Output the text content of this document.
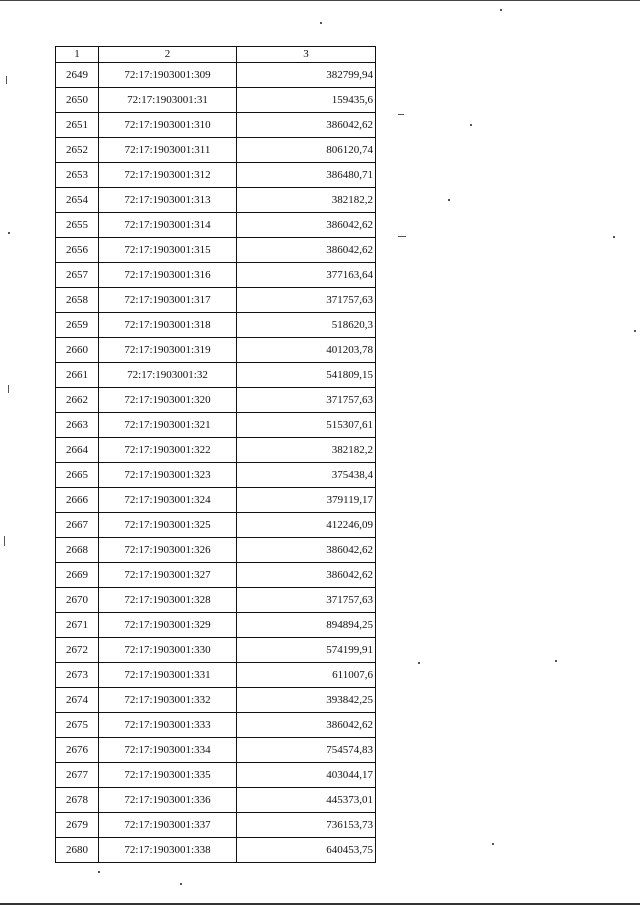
1	2	3
2649	72:17:1903001:309	382799,94
2650	72:17:1903001:31	159435,6
2651	72:17:1903001:310	386042,62
2652	72:17:1903001:311	806120,74
2653	72:17:1903001:312	386480,71
2654	72:17:1903001:313	382182,2
2655	72:17:1903001:314	386042,62
2656	72:17:1903001:315	386042,62
2657	72:17:1903001:316	377163,64
2658	72:17:1903001:317	371757,63
2659	72:17:1903001:318	518620,3
2660	72:17:1903001:319	401203,78
2661	72:17:1903001:32	541809,15
2662	72:17:1903001:320	371757,63
2663	72:17:1903001:321	515307,61
2664	72:17:1903001:322	382182,2
2665	72:17:1903001:323	375438,4
2666	72:17:1903001:324	379119,17
2667	72:17:1903001:325	412246,09
2668	72:17:1903001:326	386042,62
2669	72:17:1903001:327	386042,62
2670	72:17:1903001:328	371757,63
2671	72:17:1903001:329	894894,25
2672	72:17:1903001:330	574199,91
2673	72:17:1903001:331	611007,6
2674	72:17:1903001:332	393842,25
2675	72:17:1903001:333	386042,62
2676	72:17:1903001:334	754574,83
2677	72:17:1903001:335	403044,17
2678	72:17:1903001:336	445373,01
2679	72:17:1903001:337	736153,73
2680	72:17:1903001:338	640453,75
